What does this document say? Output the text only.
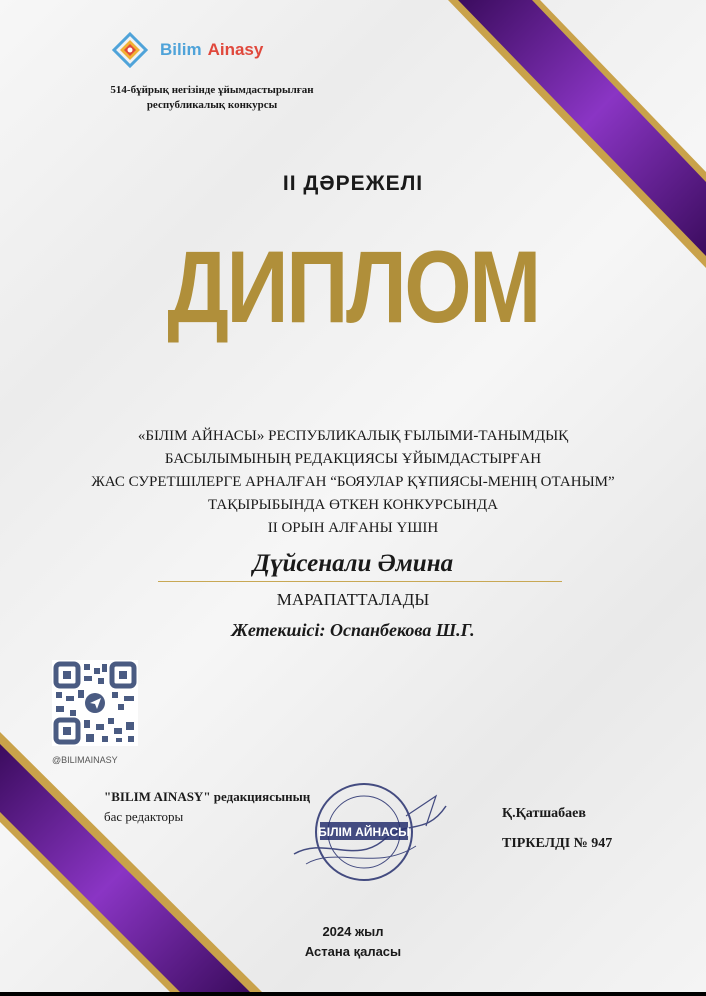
Bilim Ainasy
514-бұйрық негізінде ұйымдастырылған республикалық конкурсы
II ДӘРЕЖЕЛІ
ДИПЛОМ
«БІЛІМ АЙНАСЫ» РЕСПУБЛИКАЛЫҚ ҒЫЛЫМИ-ТАНЫМДЫҚ
БАСЫЛЫМЫНЫҢ РЕДАКЦИЯСЫ ҰЙЫМДАСТЫРҒАН
ЖАС СУРЕТШІЛЕРГЕ АРНАЛҒАН “БОЯУЛАР ҚҰПИЯСЫ-МЕНІҢ ОТАНЫМ”
ТАҚЫРЫБЫНДА ӨТКЕН КОНКУРСЫНДА
II ОРЫН АЛҒАНЫ ҮШІН
Дүйсенали Әмина
МАРАПАТТАЛАДЫ
Жетекшісі: Оспанбекова Ш.Г.
@BILIMAINASY
"BILIM AINASY" редакциясының
бас редакторы
БІЛІМ АЙНАСЫ
Қ.Қатшабаев
ТІРКЕЛДІ № 947
2024 жыл
Астана қаласы
